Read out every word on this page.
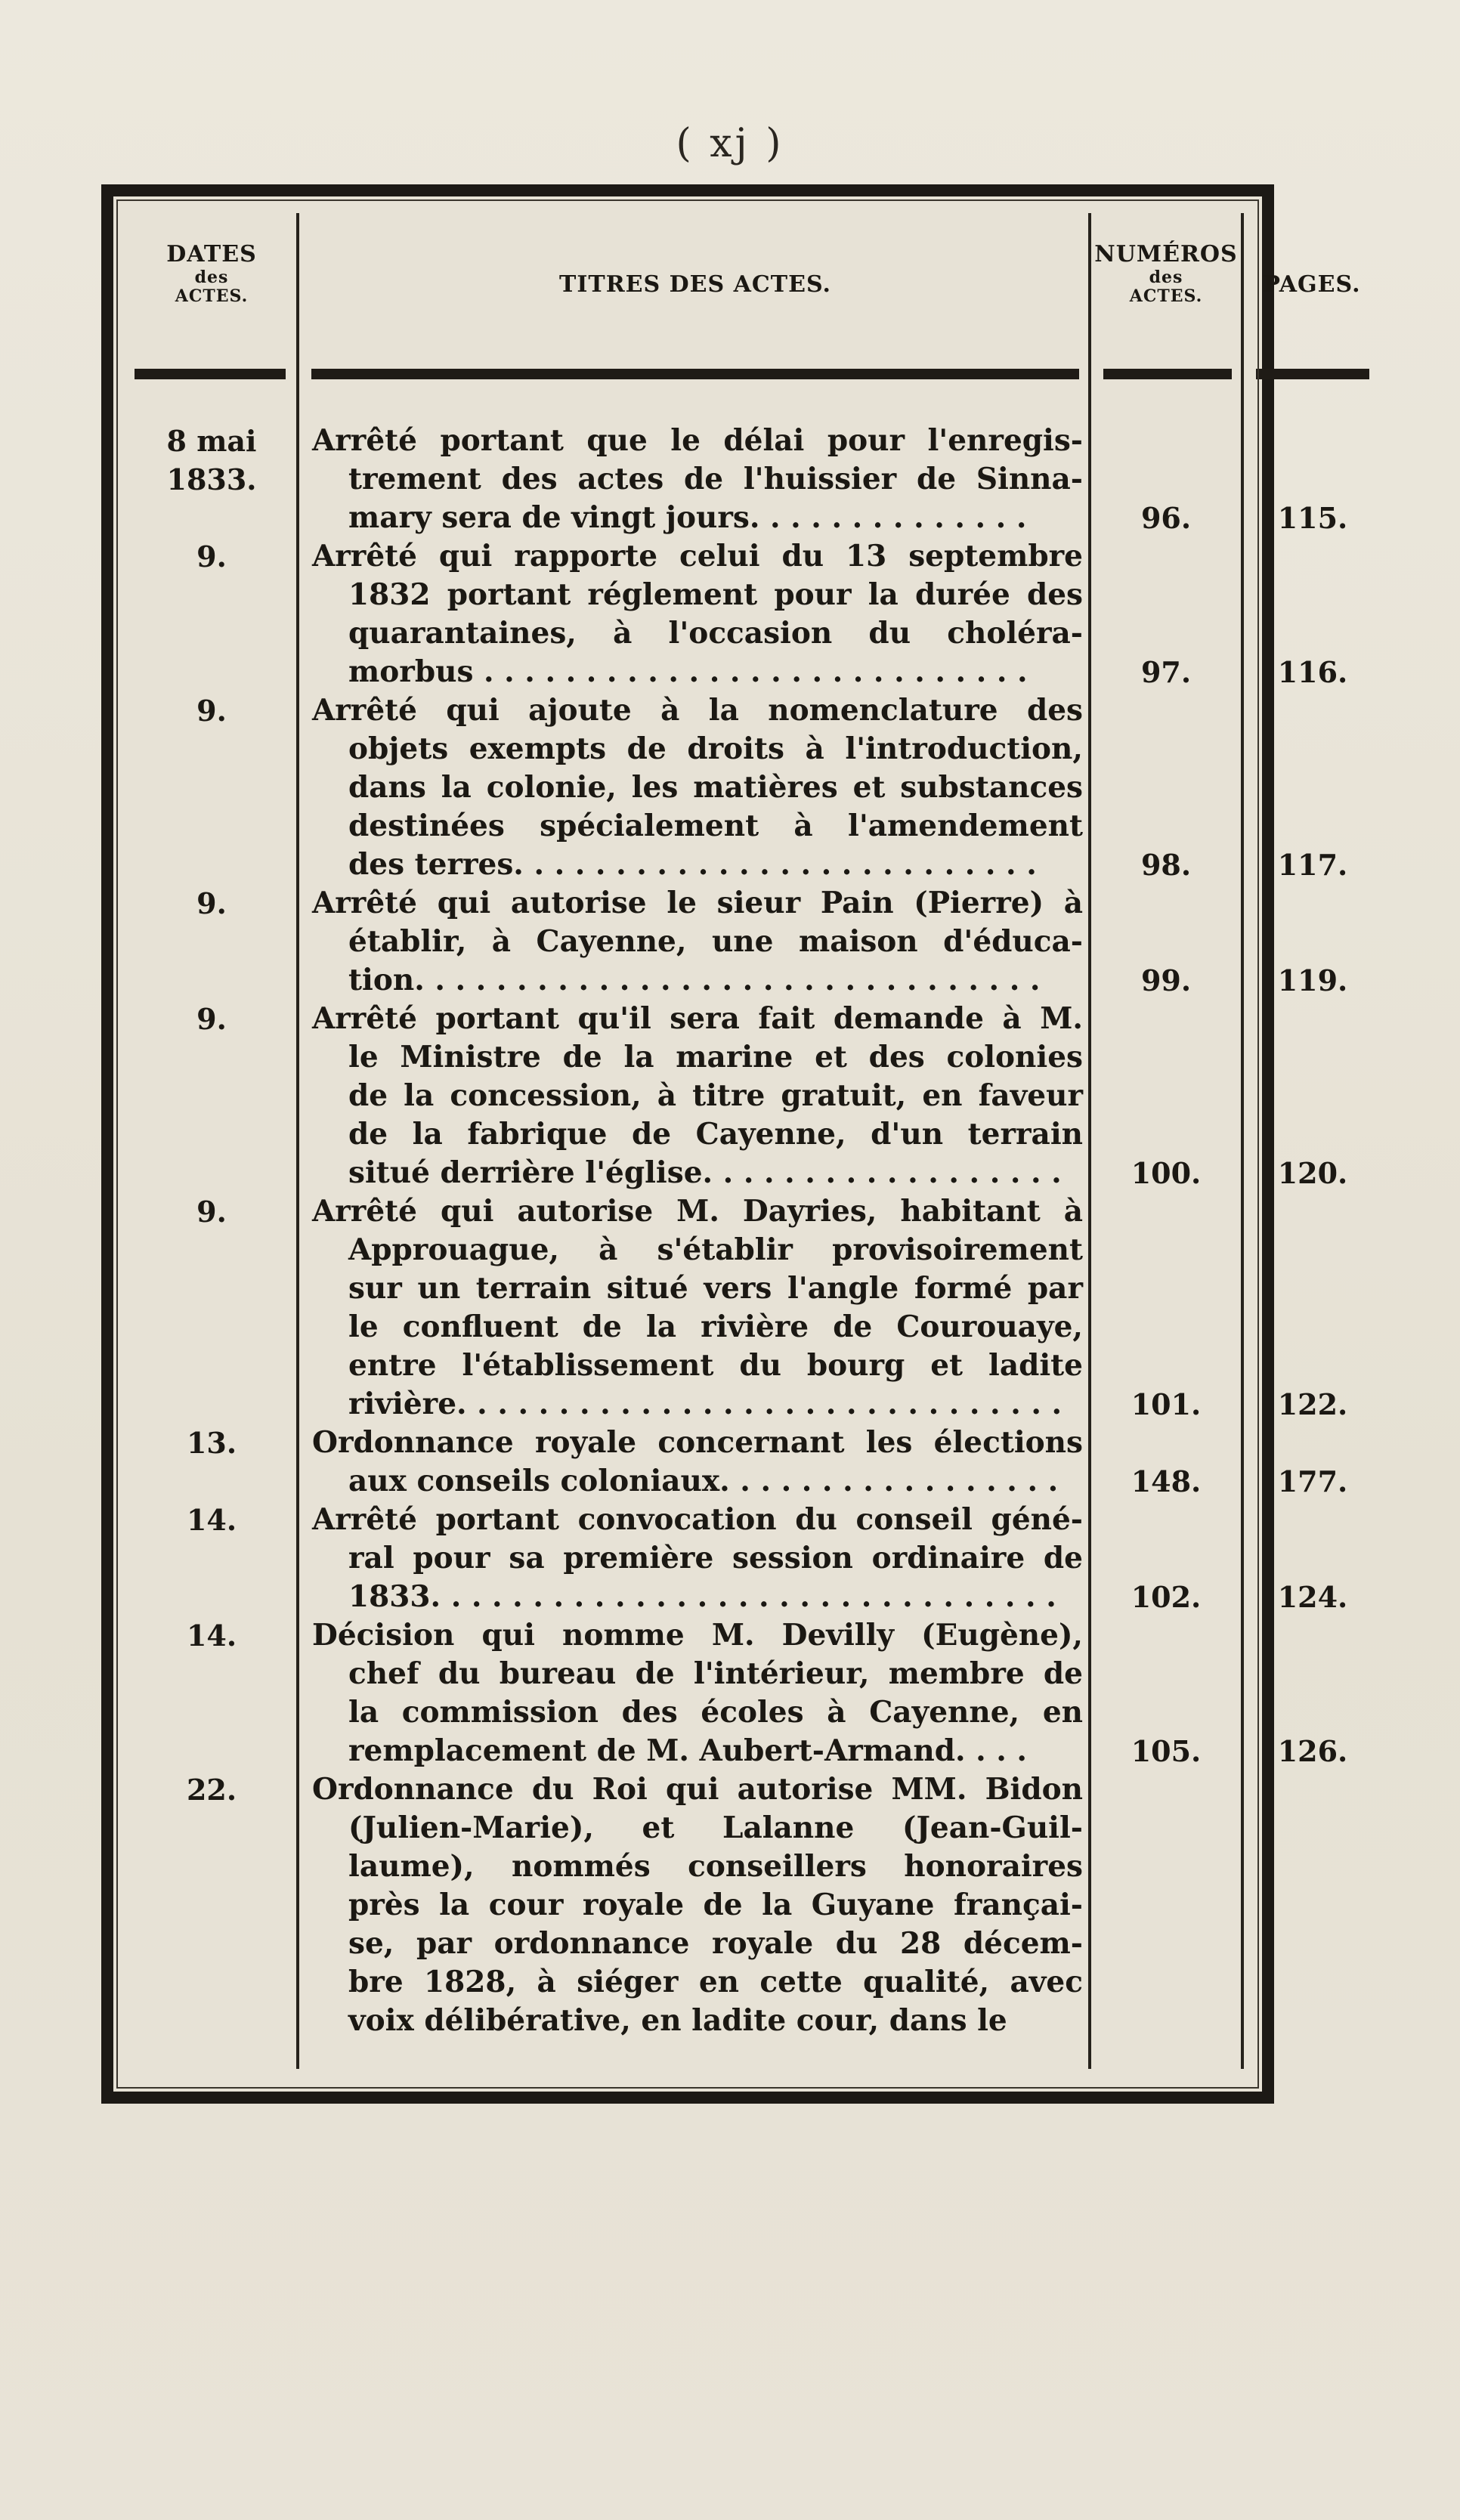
( xj )
DATES
des
ACTES.	TITRES DES ACTES.
NUMÉROS
des
ACTES.	PAGES.
8 mai
1833.
9.
9.
9.
9.
9.
13.
14.
14.
22.
Arrêté portant que le délai pour l'enregis-
trement des actes de l'huissier de Sinna-
mary sera de vingt jours. . . . . . . . . . . . . .
Arrêté qui rapporte celui du 13 septembre
1832 portant réglement pour la durée des
quarantaines, à l'occasion du choléra-
morbus . . . . . . . . . . . . . . . . . . . . . . . . . . .
Arrêté qui ajoute à la nomenclature des
objets exempts de droits à l'introduction,
dans la colonie, les matières et substances
destinées spécialement à l'amendement
des terres. . . . . . . . . . . . . . . . . . . . . . . . . .
Arrêté qui autorise le sieur Pain (Pierre) à
établir, à Cayenne, une maison d'éduca-
tion. . . . . . . . . . . . . . . . . . . . . . . . . . . . . . .
Arrêté portant qu'il sera fait demande à M.
le Ministre de la marine et des colonies
de la concession, à titre gratuit, en faveur
de la fabrique de Cayenne, d'un terrain
situé derrière l'église. . . . . . . . . . . . . . . . . .
Arrêté qui autorise M. Dayries, habitant à
Approuague, à s'établir provisoirement
sur un terrain situé vers l'angle formé par
le confluent de la rivière de Courouaye,
entre l'établissement du bourg et ladite
rivière. . . . . . . . . . . . . . . . . . . . . . . . . . . . . .
Ordonnance royale concernant les élections
aux conseils coloniaux. . . . . . . . . . . . . . . . .
Arrêté portant convocation du conseil géné-
ral pour sa première session ordinaire de
1833. . . . . . . . . . . . . . . . . . . . . . . . . . . . . . .
Décision qui nomme M. Devilly (Eugène),
chef du bureau de l'intérieur, membre de
la commission des écoles à Cayenne, en
remplacement de M. Aubert-Armand. . . .
Ordonnance du Roi qui autorise MM. Bidon
(Julien-Marie), et Lalanne (Jean-Guil-
laume), nommés conseillers honoraires
près la cour royale de la Guyane françai-
se, par ordonnance royale du 28 décem-
bre 1828, à siéger en cette qualité, avec
voix délibérative, en ladite cour, dans le
96.
97.
98.
99.
100.
101.
148.
102.
105.
115.
116.
117.
119.
120.
122.
177.
124.
126.
